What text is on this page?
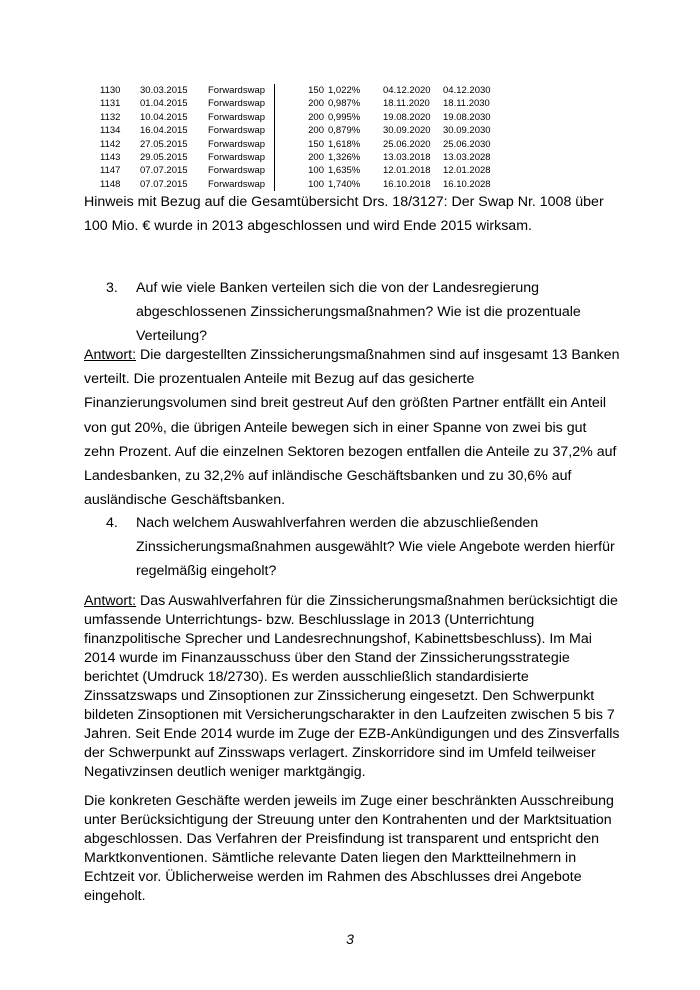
1130	30.03.2015	Forwardswap	150	1,022%	04.12.2020	04.12.2030
1131	01.04.2015	Forwardswap	200	0,987%	18.11.2020	18.11.2030
1132	10.04.2015	Forwardswap	200	0,995%	19.08.2020	19.08.2030
1134	16.04.2015	Forwardswap	200	0,879%	30.09.2020	30.09.2030
1142	27.05.2015	Forwardswap	150	1,618%	25.06.2020	25.06.2030
1143	29.05.2015	Forwardswap	200	1,326%	13.03.2018	13.03.2028
1147	07.07.2015	Forwardswap	100	1,635%	12.01.2018	12.01.2028
1148	07.07.2015	Forwardswap	100	1,740%	16.10.2018	16.10.2028
Hinweis mit Bezug auf die Gesamtübersicht Drs. 18/3127: Der Swap Nr. 1008 über 100 Mio. € wurde in 2013 abgeschlossen und wird Ende 2015 wirksam.
3.	Auf wie viele Banken verteilen sich die von der Landesregierung abgeschlossenen Zinssicherungsmaßnahmen? Wie ist die prozentuale Verteilung?
Antwort: Die dargestellten Zinssicherungsmaßnahmen sind auf insgesamt 13 Banken verteilt. Die prozentualen Anteile mit Bezug auf das gesicherte Finanzierungsvolumen sind breit gestreut Auf den größten Partner entfällt ein Anteil von gut 20%, die übrigen Anteile bewegen sich in einer Spanne von zwei bis gut zehn Prozent. Auf die einzelnen Sektoren bezogen entfallen die Anteile zu 37,2% auf Landesbanken, zu 32,2% auf inländische Geschäftsbanken und zu 30,6% auf ausländische Geschäftsbanken.
4.	Nach welchem Auswahlverfahren werden die abzuschließenden Zinssicherungsmaßnahmen ausgewählt? Wie viele Angebote werden hierfür regelmäßig eingeholt?
Antwort: Das Auswahlverfahren für die Zinssicherungsmaßnahmen berücksichtigt die umfassende Unterrichtungs- bzw. Beschlusslage in 2013 (Unterrichtung finanzpolitische Sprecher und Landesrechnungshof, Kabinettsbeschluss). Im Mai 2014 wurde im Finanzausschuss über den Stand der Zinssicherungsstrategie berichtet (Umdruck 18/2730). Es werden ausschließlich standardisierte Zinssatzswaps und Zinsoptionen zur Zinssicherung eingesetzt. Den Schwerpunkt bildeten Zinsoptionen mit Versicherungscharakter in den Laufzeiten zwischen 5 bis 7 Jahren. Seit Ende 2014 wurde im Zuge der EZB-Ankündigungen und des Zinsverfalls der Schwerpunkt auf Zinsswaps verlagert. Zinskorridore sind im Umfeld teilweiser Negativzinsen deutlich weniger marktgängig.
Die konkreten Geschäfte werden jeweils im Zuge einer beschränkten Ausschreibung unter Berücksichtigung der Streuung unter den Kontrahenten und der Marktsituation abgeschlossen. Das Verfahren der Preisfindung ist transparent und entspricht den Marktkonventionen. Sämtliche relevante Daten liegen den Marktteilnehmern in Echtzeit vor. Üblicherweise werden im Rahmen des Abschlusses drei Angebote eingeholt.
3
